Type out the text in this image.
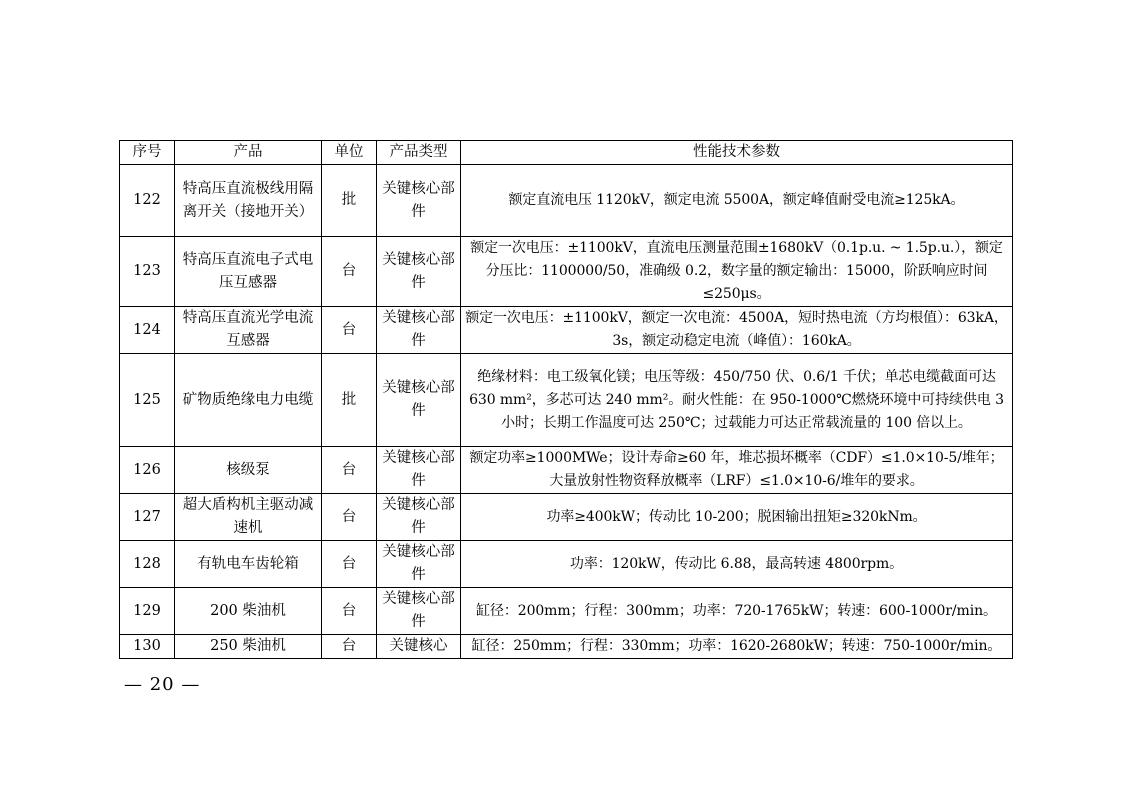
序号	产品	单位	产品类型	性能技术参数
122	特高压直流极线用隔离开关（接地开关）	批	关键核心部件	额定直流电压 1120kV，额定电流 5500A，额定峰值耐受电流≥125kA。
123	特高压直流电子式电压互感器	台	关键核心部件	额定一次电压：±1100kV，直流电压测量范围±1680kV（0.1p.u. ~ 1.5p.u.），额定分压比：1100000/50，准确级 0.2，数字量的额定输出：15000，阶跃响应时间≤250μs。
124	特高压直流光学电流互感器	台	关键核心部件	额定一次电压：±1100kV，额定一次电流：4500A，短时热电流（方均根值）：63kA，3s，额定动稳定电流（峰值）：160kA。
125	矿物质绝缘电力电缆	批	关键核心部件	绝缘材料：电工级氧化镁；电压等级：450/750 伏、0.6/1 千伏；单芯电缆截面可达 630 mm²，多芯可达 240 mm²。耐火性能：在 950-1000℃燃烧环境中可持续供电 3 小时；长期工作温度可达 250℃；过载能力可达正常载流量的 100 倍以上。
126	核级泵	台	关键核心部件	额定功率≥1000MWe；设计寿命≥60 年，堆芯损坏概率（CDF）≤1.0×10-5/堆年；大量放射性物资释放概率（LRF）≤1.0×10-6/堆年的要求。
127	超大盾构机主驱动减速机	台	关键核心部件	功率≥400kW；传动比 10-200；脱困输出扭矩≥320kNm。
128	有轨电车齿轮箱	台	关键核心部件	功率：120kW，传动比 6.88，最高转速 4800rpm。
129	200 柴油机	台	关键核心部件	缸径：200mm；行程：300mm；功率：720-1765kW；转速：600-1000r/min。
130	250 柴油机	台	关键核心	缸径：250mm；行程：330mm；功率：1620-2680kW；转速：750-1000r/min。
— 20 —
